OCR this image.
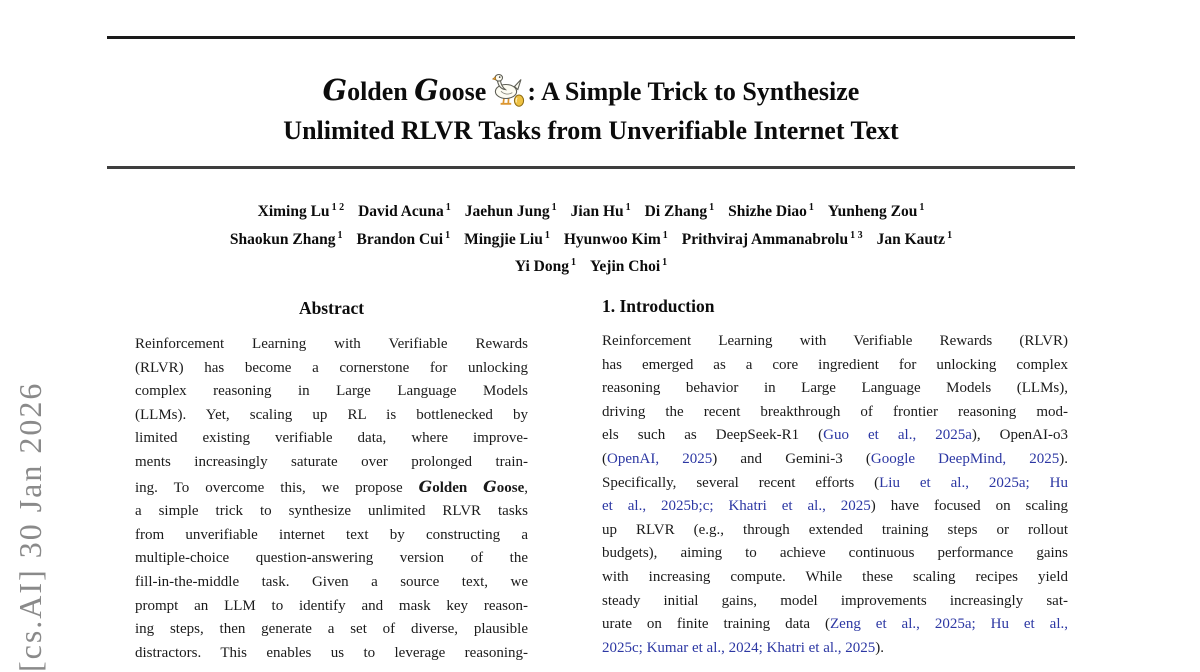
[cs.AI] 30 Jan 2026
Golden Goose : A Simple Trick to Synthesize
Unlimited RLVR Tasks from Unverifiable Internet Text
Ximing Lu $^{1 2}$ David Acuna $^1$ Jaehun Jung $^1$ Jian Hu $^1$ Di Zhang $^1$ Shizhe Diao $^1$ Yunheng Zou $^1$
Shaokun Zhang $^1$ Brandon Cui $^1$ Mingjie Liu $^1$ Hyunwoo Kim $^1$ Prithviraj Ammanabrolu $^{1 3}$ Jan Kautz $^1$
Yi Dong $^1$ Yejin Choi $^1$
Abstract
Reinforcement Learning with Verifiable Rewards
(RLVR) has become a cornerstone for unlocking
complex reasoning in Large Language Models
(LLMs). Yet, scaling up RL is bottlenecked by
limited existing verifiable data, where improve-
ments increasingly saturate over prolonged train-
ing. To overcome this, we propose Golden Goose,
a simple trick to synthesize unlimited RLVR tasks
from unverifiable internet text by constructing a
multiple-choice question-answering version of the
fill-in-the-middle task. Given a source text, we
prompt an LLM to identify and mask key reason-
ing steps, then generate a set of diverse, plausible
distractors. This enables us to leverage reasoning-
1. Introduction
Reinforcement Learning with Verifiable Rewards (RLVR)
has emerged as a core ingredient for unlocking complex
reasoning behavior in Large Language Models (LLMs),
driving the recent breakthrough of frontier reasoning mod-
els such as DeepSeek-R1 (Guo et al., 2025a), OpenAI-o3
(OpenAI, 2025) and Gemini-3 (Google DeepMind, 2025).
Specifically, several recent efforts (Liu et al., 2025a; Hu
et al., 2025b;c; Khatri et al., 2025) have focused on scaling
up RLVR (e.g., through extended training steps or rollout
budgets), aiming to achieve continuous performance gains
with increasing compute. While these scaling recipes yield
steady initial gains, model improvements increasingly sat-
urate on finite training data (Zeng et al., 2025a; Hu et al.,
2025c; Kumar et al., 2024; Khatri et al., 2025).
